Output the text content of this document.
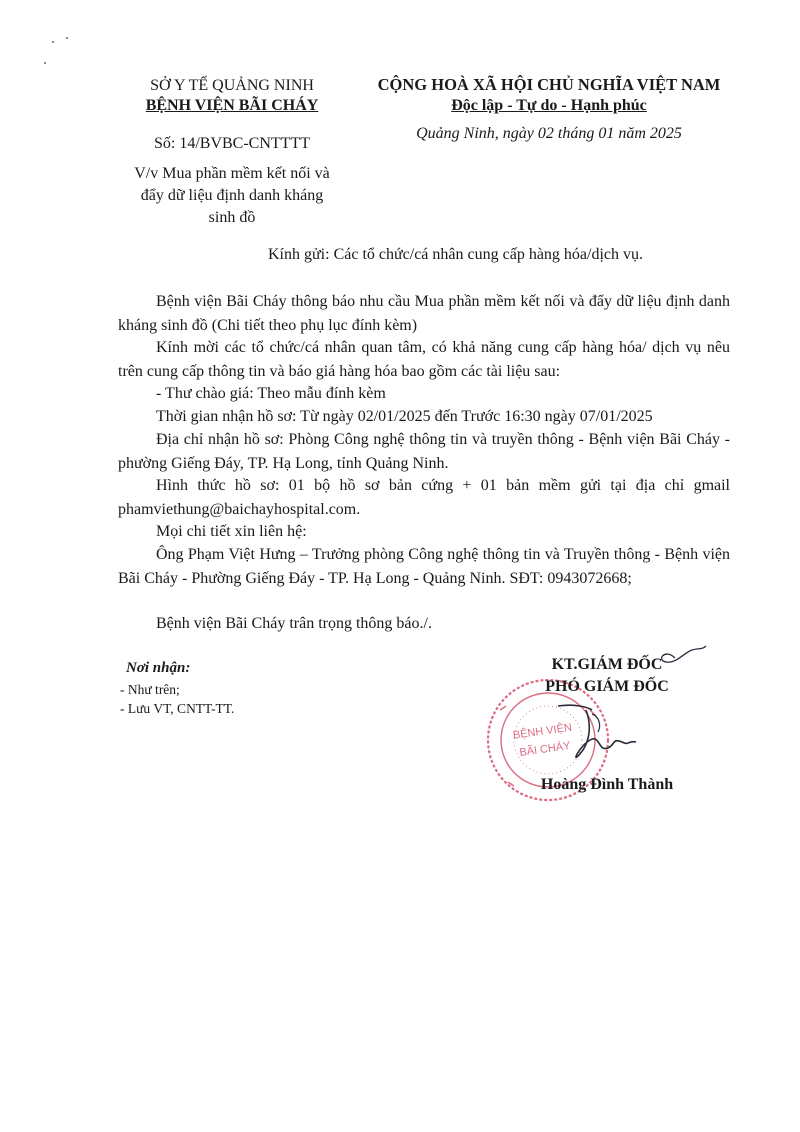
SỞ Y TẾ QUẢNG NINH
BỆNH VIỆN BÃI CHÁY
Số: 14/BVBC-CNTTTT
V/v Mua phần mềm kết nối và đẩy dữ liệu định danh kháng sinh đồ
CỘNG HOÀ XÃ HỘI CHỦ NGHĨA VIỆT NAM
Độc lập - Tự do - Hạnh phúc
Quảng Ninh, ngày 02 tháng 01 năm 2025
Kính gửi: Các tổ chức/cá nhân cung cấp hàng hóa/dịch vụ.
Bệnh viện Bãi Cháy thông báo nhu cầu Mua phần mềm kết nối và đẩy dữ liệu định danh kháng sinh đồ (Chi tiết theo phụ lục đính kèm)
Kính mời các tổ chức/cá nhân quan tâm, có khả năng cung cấp hàng hóa/ dịch vụ nêu trên cung cấp thông tin và báo giá hàng hóa bao gồm các tài liệu sau:
- Thư chào giá: Theo mẫu đính kèm
Thời gian nhận hồ sơ: Từ ngày 02/01/2025 đến Trước 16:30 ngày 07/01/2025
Địa chỉ nhận hồ sơ: Phòng Công nghệ thông tin và truyền thông - Bệnh viện Bãi Cháy - phường Giếng Đáy, TP. Hạ Long, tỉnh Quảng Ninh.
Hình thức hồ sơ: 01 bộ hồ sơ bản cứng + 01 bản mềm gửi tại địa chỉ gmail phamviethung@baichayhospital.com.
Mọi chi tiết xin liên hệ:
Ông Phạm Việt Hưng – Trưởng phòng Công nghệ thông tin và Truyền thông - Bệnh viện Bãi Cháy - Phường Giếng Đáy - TP. Hạ Long - Quảng Ninh. SĐT: 0943072668;
Bệnh viện Bãi Cháy trân trọng thông báo./.
Nơi nhận:
- Như trên;
- Lưu VT, CNTT-TT.
BỆNH VIỆN
BÃI CHÁY
KT.GIÁM ĐỐC
PHÓ GIÁM ĐỐC
Hoàng Đình Thành
